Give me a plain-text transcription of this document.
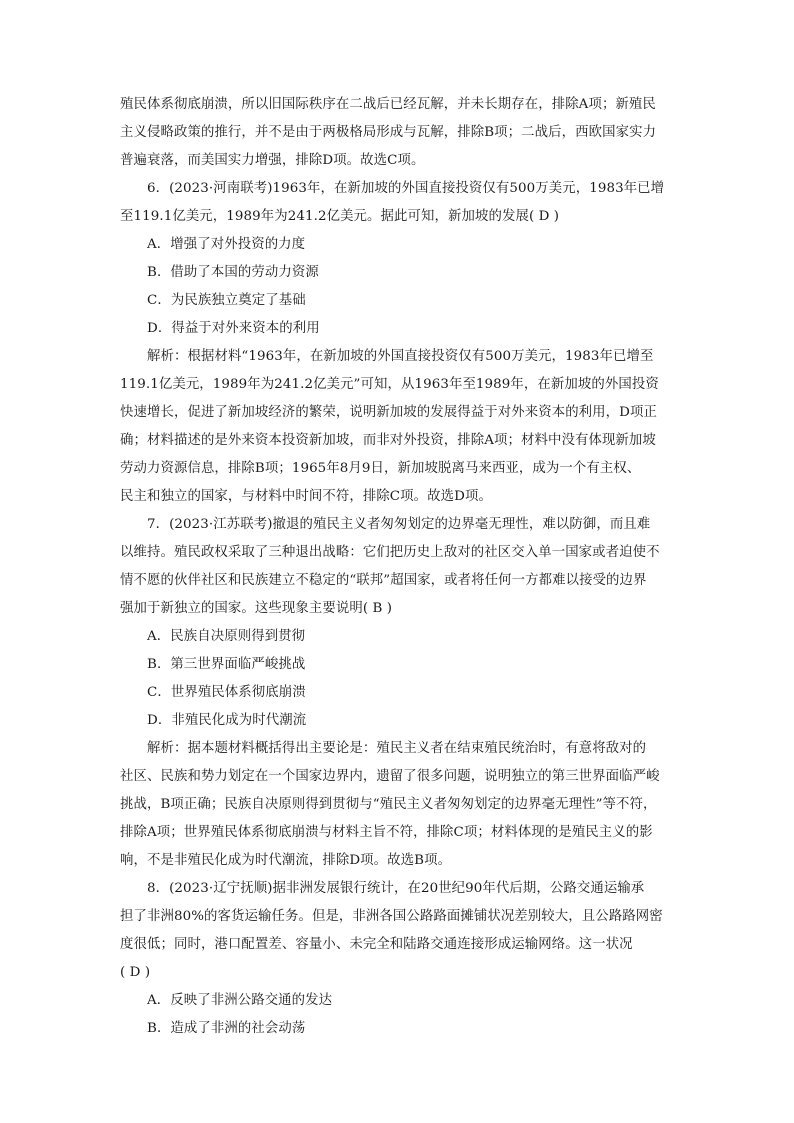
殖民体系彻底崩溃，所以旧国际秩序在二战后已经瓦解，并未长期存在，排除A项；新殖民
主义侵略政策的推行，并不是由于两极格局形成与瓦解，排除B项；二战后，西欧国家实力
普遍衰落，而美国实力增强，排除D项。故选C项。
6．(2023·河南联考)1963年，在新加坡的外国直接投资仅有500万美元，1983年已增
至119.1亿美元，1989年为241.2亿美元。据此可知，新加坡的发展( D )
A．增强了对外投资的力度
B．借助了本国的劳动力资源
C．为民族独立奠定了基础
D．得益于对外来资本的利用
解析：根据材料“1963年，在新加坡的外国直接投资仅有500万美元，1983年已增至
119.1亿美元，1989年为241.2亿美元”可知，从1963年至1989年，在新加坡的外国投资
快速增长，促进了新加坡经济的繁荣，说明新加坡的发展得益于对外来资本的利用，D项正
确；材料描述的是外来资本投资新加坡，而非对外投资，排除A项；材料中没有体现新加坡
劳动力资源信息，排除B项；1965年8月9日，新加坡脱离马来西亚，成为一个有主权、
民主和独立的国家，与材料中时间不符，排除C项。故选D项。
7．(2023·江苏联考)撤退的殖民主义者匆匆划定的边界毫无理性，难以防御，而且难
以维持。殖民政权采取了三种退出战略：它们把历史上敌对的社区交入单一国家或者迫使不
情不愿的伙伴社区和民族建立不稳定的“联邦”超国家，或者将任何一方都难以接受的边界
强加于新独立的国家。这些现象主要说明( B )
A．民族自决原则得到贯彻
B．第三世界面临严峻挑战
C．世界殖民体系彻底崩溃
D．非殖民化成为时代潮流
解析：据本题材料概括得出主要论是：殖民主义者在结束殖民统治时，有意将敌对的
社区、民族和势力划定在一个国家边界内，遗留了很多问题，说明独立的第三世界面临严峻
挑战，B项正确；民族自决原则得到贯彻与“殖民主义者匆匆划定的边界毫无理性”等不符，
排除A项；世界殖民体系彻底崩溃与材料主旨不符，排除C项；材料体现的是殖民主义的影
响，不是非殖民化成为时代潮流，排除D项。故选B项。
8．(2023·辽宁抚顺)据非洲发展银行统计，在20世纪90年代后期，公路交通运输承
担了非洲80%的客货运输任务。但是，非洲各国公路路面摊铺状况差别较大，且公路路网密
度很低；同时，港口配置差、容量小、未完全和陆路交通连接形成运输网络。这一状况
( D )
A．反映了非洲公路交通的发达
B．造成了非洲的社会动荡
